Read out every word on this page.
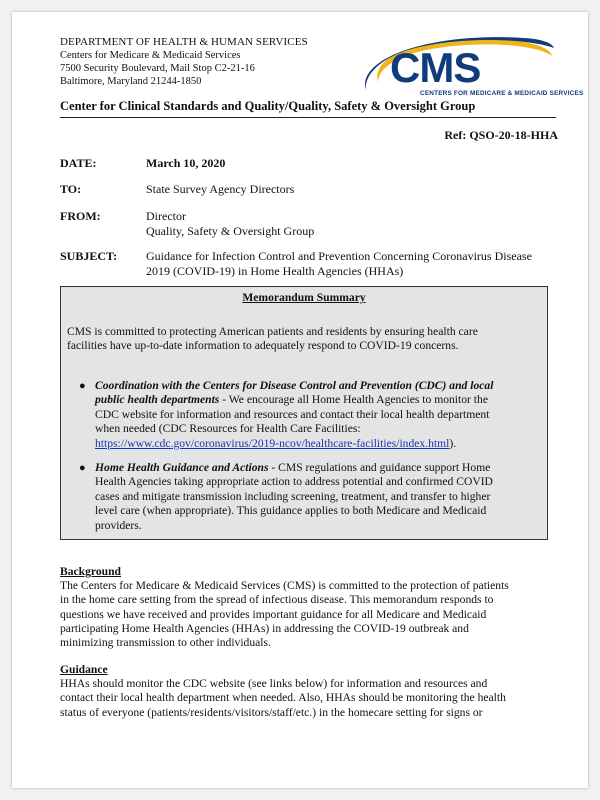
DEPARTMENT OF HEALTH & HUMAN SERVICES
Centers for Medicare & Medicaid Services
7500 Security Boulevard, Mail Stop C2-21-16
Baltimore, Maryland 21244-1850	CMS
CENTERS FOR MEDICARE & MEDICAID SERVICES
Center for Clinical Standards and Quality/Quality, Safety & Oversight Group
Ref: QSO-20-18-HHA
DATE:	March 10, 2020
TO:	State Survey Agency Directors
FROM:	Director
Quality, Safety & Oversight Group
SUBJECT:	Guidance for Infection Control and Prevention Concerning Coronavirus Disease
2019 (COVID-19) in Home Health Agencies (HHAs)
Memorandum Summary
CMS is committed to protecting American patients and residents by ensuring health care
facilities have up-to-date information to adequately respond to COVID-19 concerns.
● Coordination with the Centers for Disease Control and Prevention (CDC) and local
public health departments - We encourage all Home Health Agencies to monitor the
CDC website for information and resources and contact their local health department
when needed (CDC Resources for Health Care Facilities:
https://www.cdc.gov/coronavirus/2019-ncov/healthcare-facilities/index.html).
● Home Health Guidance and Actions - CMS regulations and guidance support Home
Health Agencies taking appropriate action to address potential and confirmed COVID
cases and mitigate transmission including screening, treatment, and transfer to higher
level care (when appropriate). This guidance applies to both Medicare and Medicaid
providers.
Background
The Centers for Medicare & Medicaid Services (CMS) is committed to the protection of patients
in the home care setting from the spread of infectious disease. This memorandum responds to
questions we have received and provides important guidance for all Medicare and Medicaid
participating Home Health Agencies (HHAs) in addressing the COVID-19 outbreak and
minimizing transmission to other individuals.
Guidance
HHAs should monitor the CDC website (see links below) for information and resources and
contact their local health department when needed. Also, HHAs should be monitoring the health
status of everyone (patients/residents/visitors/staff/etc.) in the homecare setting for signs or
